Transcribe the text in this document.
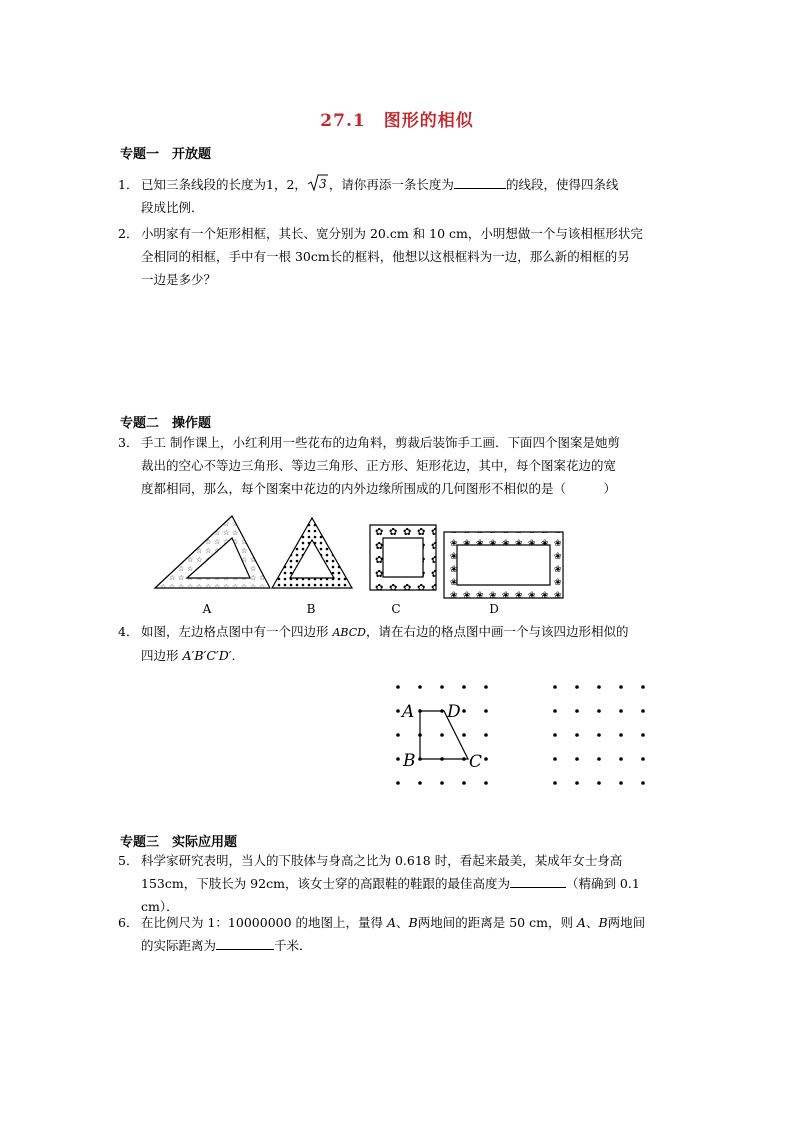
27.1　图形的相似
专题一　开放题
1． 已知三条线段的长度为1，2， 3 ，请你再添一条长度为	的线段，使得四条线
段成比例．
2． 小明家有一个矩形相框，其长、宽分别为 20.cm 和 10 cm，小明想做一个与该相框形状完
全相同的相框，手中有一根 30cm长的框料，他想以这根框料为一边，那么新的相框的另
一边是多少？
专题二　操作题
3． 手工 制作课上，小红利用一些花布的边角料，剪裁后装饰手工画．下面四个图案是她剪
裁出的空心不等边三角形、等边三角形、正方形、矩形花边，其中，每个图案花边的宽
度都相同，那么，每个图案中花边的内外边缘所围成的几何图形不相似的是（　　　）
A	B	C	D
4． 如图，左边格点图中有一个四边形 ABCD，请在右边的格点图中画一个与该四边形相似的
四边形 A′B′C′D′．
A D
B	C
专题三　实际应用题
5． 科学家研究表明，当人的下肢体与身高之比为 0.618 时，看起来最美，某成年女士身高
153cm，下肢长为 92cm，该女士穿的高跟鞋的鞋跟的最佳高度为	（精确到 0.1
cm）．
6． 在比例尺为 1：10000000 的地图上，量得 A、B两地间的距离是 50 cm，则 A、B两地间
的实际距离为	千米．
